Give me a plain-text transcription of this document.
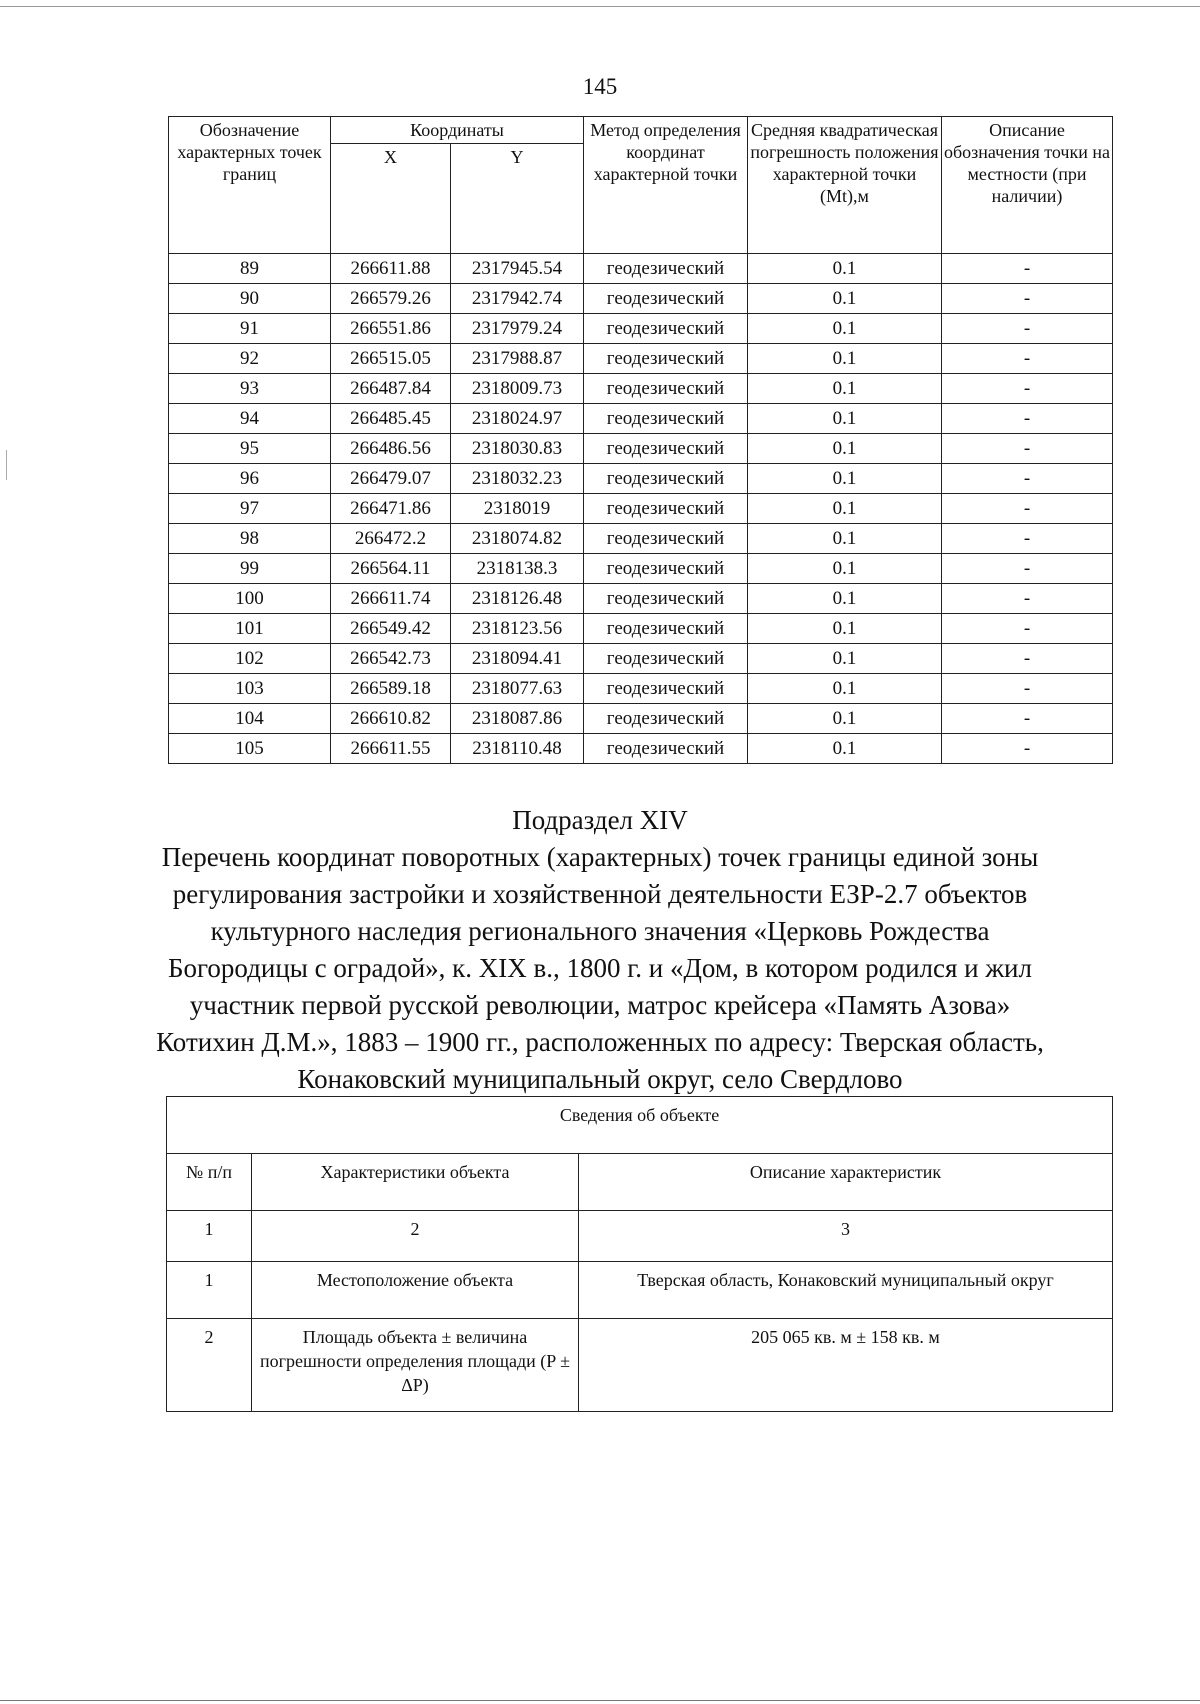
145
Обозначение характерных точек границ	Координаты		Метод определения координат характерной точки	Средняя квадратическая погрешность положения характерной точки (Mt),м	Описание обозначения точки на местности (при наличии)
	X	Y			
89	266611.88	2317945.54	геодезический	0.1	-
90	266579.26	2317942.74	геодезический	0.1	-
91	266551.86	2317979.24	геодезический	0.1	-
92	266515.05	2317988.87	геодезический	0.1	-
93	266487.84	2318009.73	геодезический	0.1	-
94	266485.45	2318024.97	геодезический	0.1	-
95	266486.56	2318030.83	геодезический	0.1	-
96	266479.07	2318032.23	геодезический	0.1	-
97	266471.86	2318019	геодезический	0.1	-
98	266472.2	2318074.82	геодезический	0.1	-
99	266564.11	2318138.3	геодезический	0.1	-
100	266611.74	2318126.48	геодезический	0.1	-
101	266549.42	2318123.56	геодезический	0.1	-
102	266542.73	2318094.41	геодезический	0.1	-
103	266589.18	2318077.63	геодезический	0.1	-
104	266610.82	2318087.86	геодезический	0.1	-
105	266611.55	2318110.48	геодезический	0.1	-
Подраздел XIV
Перечень координат поворотных (характерных) точек границы единой зоны
регулирования застройки и хозяйственной деятельности ЕЗР-2.7 объектов
культурного наследия регионального значения «Церковь Рождества
Богородицы с оградой», к. XIX в., 1800 г. и «Дом, в котором родился и жил
участник первой русской революции, матрос крейсера «Память Азова»
Котихин Д.М.», 1883 – 1900 гг., расположенных по адресу: Тверская область,
Конаковский муниципальный округ, село Свердлово
Сведения об объекте		
№ п/п	Характеристики объекта	Описание характеристик
1	2	3
1	Местоположение объекта	Тверская область, Конаковский муниципальный округ
2	Площадь объекта ± величина погрешности определения площади (P ± ΔP)	205 065 кв. м ± 158 кв. м
